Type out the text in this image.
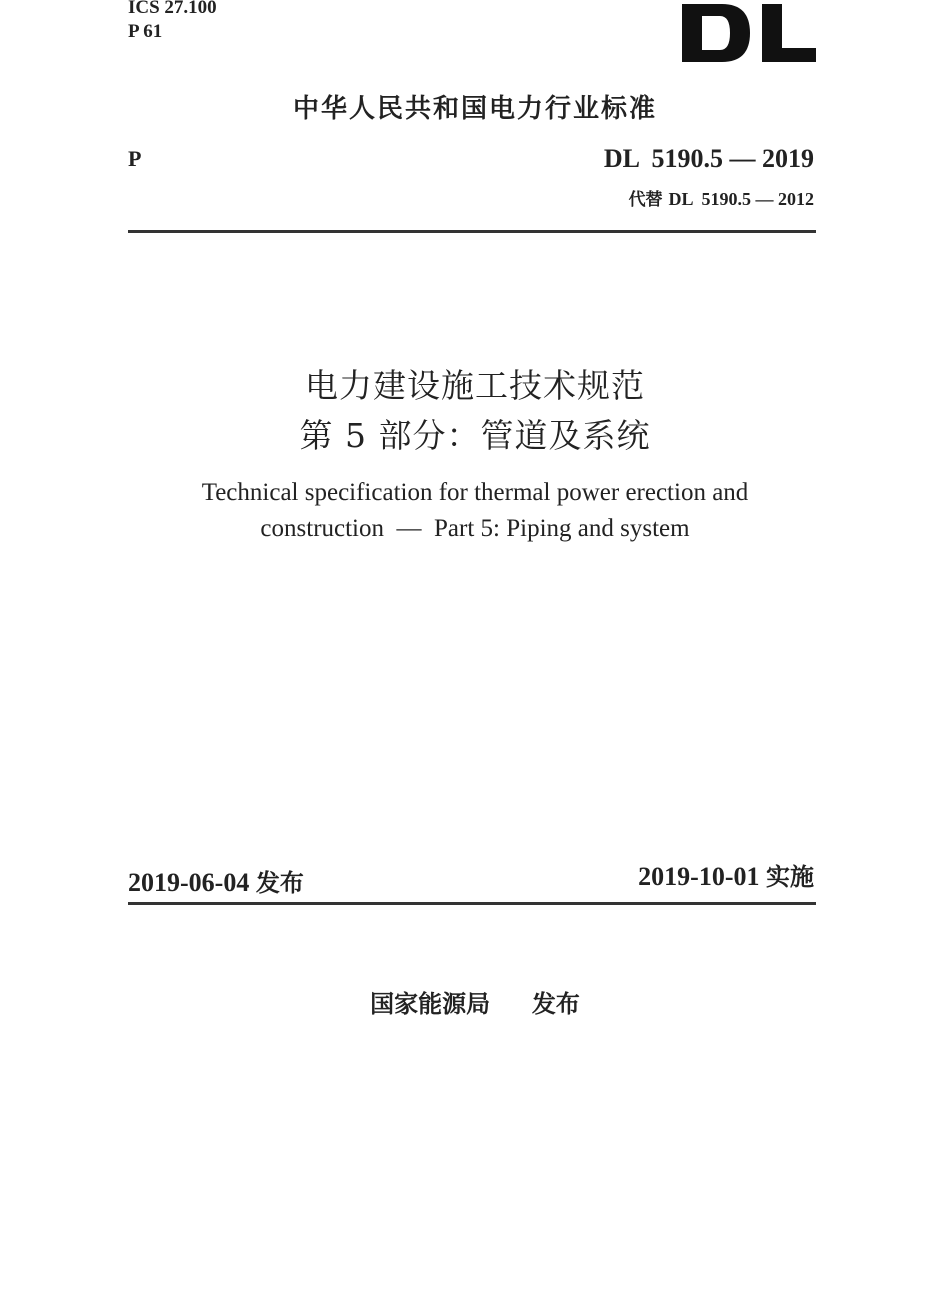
ICS 27.100
P 61
中华人民共和国电力行业标准
P	DL  5190.5 — 2019
代替 DL  5190.5 — 2012
电力建设施工技术规范
第 5 部分：管道及系统
Technical specification for thermal power erection and
construction  —  Part 5: Piping and system
2019-06-04 发布	2019-10-01 实施
国家能源局 发布
